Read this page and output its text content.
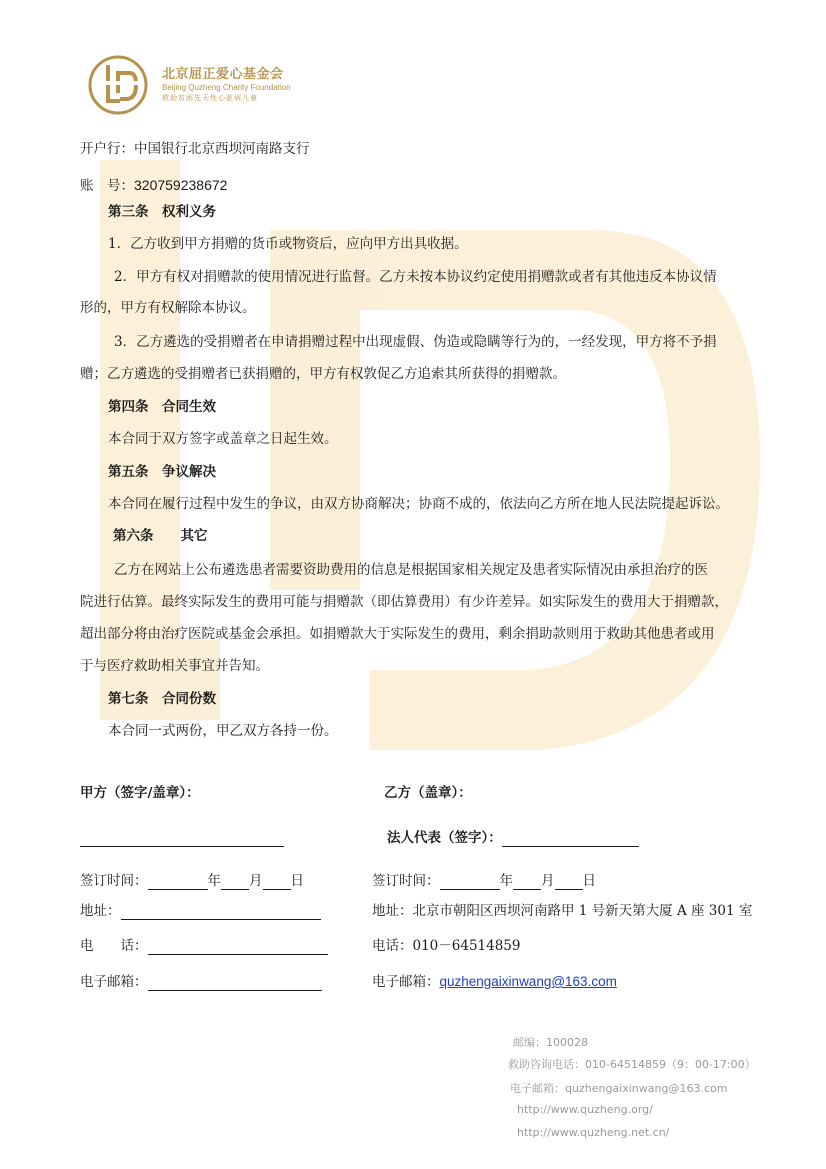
北京屈正爱心基金会
Beijing Quzheng Charity Foundation
救助贫困先天性心脏病儿童
开户行：中国银行北京西坝河南路支行
账　号：320759238672
第三条　权利义务
1．乙方收到甲方捐赠的货币或物资后，应向甲方出具收据。
2．甲方有权对捐赠款的使用情况进行监督。乙方未按本协议约定使用捐赠款或者有其他违反本协议情
形的，甲方有权解除本协议。
3．乙方遴选的受捐赠者在申请捐赠过程中出现虚假、伪造或隐瞒等行为的，一经发现，甲方将不予捐
赠；乙方遴选的受捐赠者已获捐赠的，甲方有权敦促乙方追索其所获得的捐赠款。
第四条　合同生效
本合同于双方签字或盖章之日起生效。
第五条　争议解决
本合同在履行过程中发生的争议，由双方协商解决；协商不成的，依法向乙方所在地人民法院提起诉讼。
第六条　　其它
乙方在网站上公布遴选患者需要资助费用的信息是根据国家相关规定及患者实际情况由承担治疗的医
院进行估算。最终实际发生的费用可能与捐赠款（即估算费用）有少许差异。如实际发生的费用大于捐赠款，
超出部分将由治疗医院或基金会承担。如捐赠款大于实际发生的费用，剩余捐助款则用于救助其他患者或用
于与医疗救助相关事宜并告知。
第七条　合同份数
本合同一式两份，甲乙双方各持一份。
甲方（签字/盖章）：	乙方（盖章）：
法人代表（签字）：
签订时间：	年 月 日	签订时间：	年 月 日
地址：	地址：北京市朝阳区西坝河南路甲 1 号新天第大厦 A 座 301 室
电　　话：	电话：010－64514859
电子邮箱：	电子邮箱：quzhengaixinwang@163.com
邮编：100028
救助咨询电话：010-64514859（9：00-17:00）
电子邮箱：quzhengaixinwang@163.com
http://www.quzheng.org/
http://www.quzheng.net.cn/
